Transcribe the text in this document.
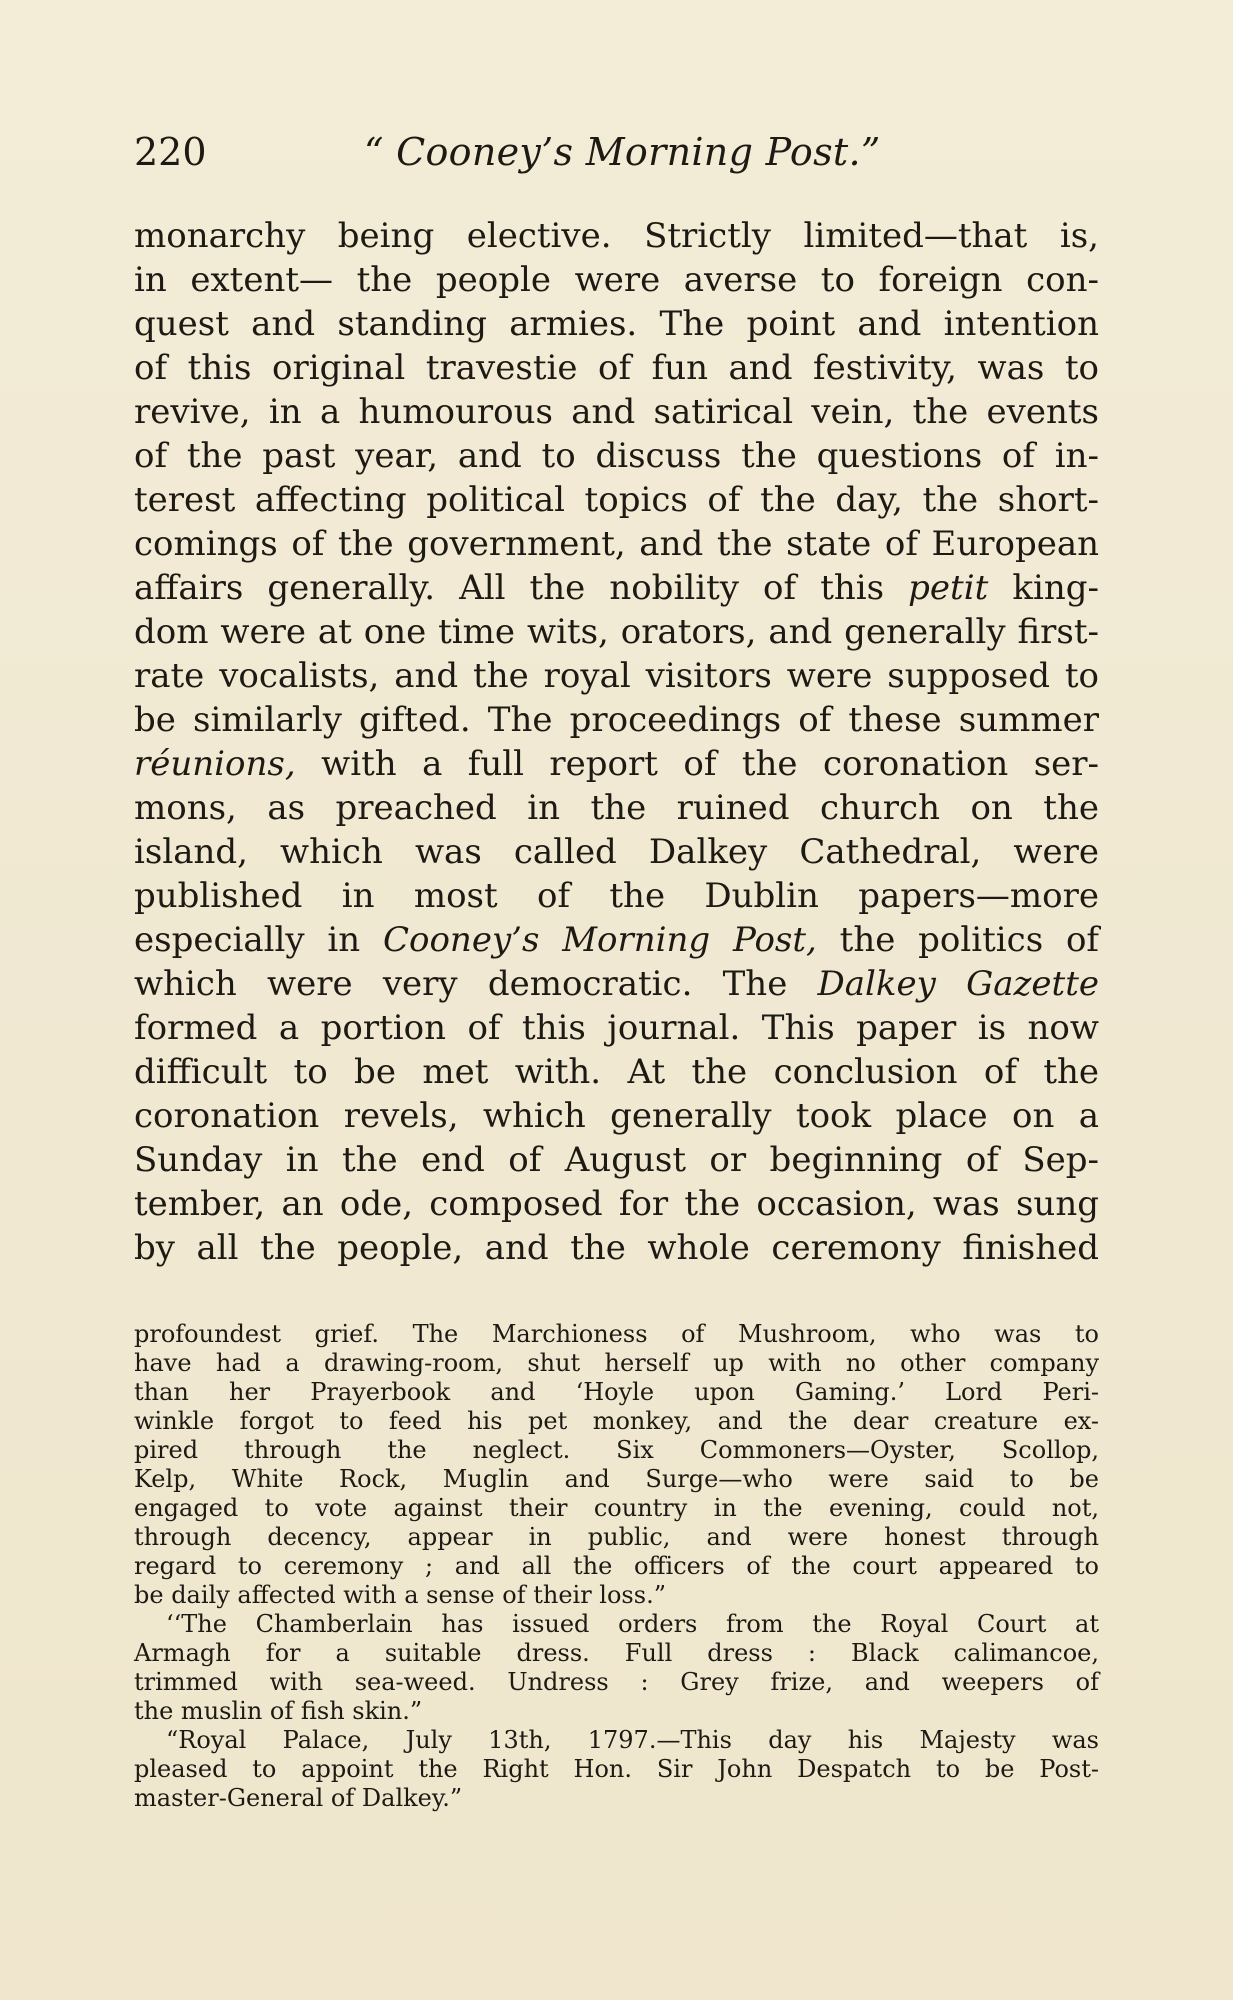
220	“ Cooney’s Morning Post.”
monarchy being elective. Strictly limited—that is,
in extent— the people were averse to foreign con-
quest and standing armies. The point and intention
of this original travestie of fun and festivity, was to
revive, in a humourous and satirical vein, the events
of the past year, and to discuss the questions of in-
terest affecting political topics of the day, the short-
comings of the government, and the state of European
affairs generally. All the nobility of this petit king-
dom were at one time wits, orators, and generally first-
rate vocalists, and the royal visitors were supposed to
be similarly gifted. The proceedings of these summer
réunions, with a full report of the coronation ser-
mons, as preached in the ruined church on the
island, which was called Dalkey Cathedral, were
published in most of the Dublin papers—more
especially in Cooney’s Morning Post, the politics of
which were very democratic. The Dalkey Gazette
formed a portion of this journal. This paper is now
difficult to be met with. At the conclusion of the
coronation revels, which generally took place on a
Sunday in the end of August or beginning of Sep-
tember, an ode, composed for the occasion, was sung
by all the people, and the whole ceremony finished
profoundest grief. The Marchioness of Mushroom, who was to
have had a drawing-room, shut herself up with no other company
than her Prayerbook and ‘Hoyle upon Gaming.’ Lord Peri-
winkle forgot to feed his pet monkey, and the dear creature ex-
pired through the neglect. Six Commoners—Oyster, Scollop,
Kelp, White Rock, Muglin and Surge—who were said to be
engaged to vote against their country in the evening, could not,
through decency, appear in public, and were honest through
regard to ceremony ; and all the officers of the court appeared to
be daily affected with a sense of their loss.”
‘‘The Chamberlain has issued orders from the Royal Court at
Armagh for a suitable dress. Full dress : Black calimancoe,
trimmed with sea-weed. Undress : Grey frize, and weepers of
the muslin of fish skin.”
“Royal Palace, July 13th, 1797.—This day his Majesty was
pleased to appoint the Right Hon. Sir John Despatch to be Post-
master-General of Dalkey.”
